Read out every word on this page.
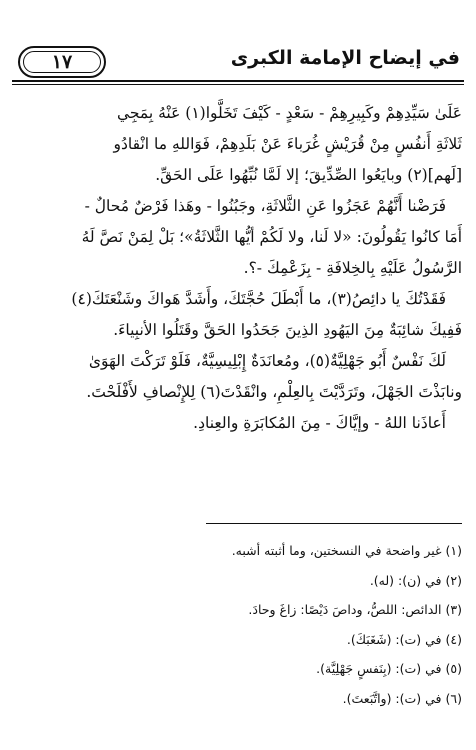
١٧	في إيضاح الإمامة الكبرى

عَلَىٰ سَيِّدِهِمْ وكَبِيرِهِمْ - سَعْدٍ - كَيْفَ تَخَلَّوا(١) عَنْهُ بِمَجِي

ثَلاثَةِ أَنفُسٍ مِنْ قُرَيْشٍ غُرَباءَ عَنْ بَلَدِهِمْ، فَوَاللهِ ما انْقادُو

[لَهم](٢) وبايَعُوا الصِّدِّيقَ؛ إلا لَمَّا نُبِّهُوا عَلَى الحَقِّ.

فَرَضْنا أَنَّهُمْ عَجَزُوا عَنِ الثَّلاثَةِ، وجَبُنُوا - وهَذا فَرْضٌ مُحالٌ -

أَمَا كانُوا يَقُولُونَ: «لا لَنا، ولا لَكُمْ أيُّها الثَّلاثَةُ»؛ بَلْ لِمَنْ نَصَّ لَهُ

الرَّسُولُ عَلَيْهِ بِالخِلافَةِ - بِزَعْمِكَ -؟.

فَقَدْتُكَ يا دائِصُ(٣)، ما أَبْطَلَ حُجَّتَكَ، وأَشَدَّ هَواكَ وشَنْعَتَكَ(٤)

فَفِيكَ شائِبَةٌ مِنَ اليَهُودِ الذِينَ جَحَدُوا الحَقَّ وقَتَلُوا الأنبِياءَ.

لَكَ نَفْسٌ أَبُو جَهْلِيَّةٌ(٥)، ومُعانَدَةٌ إِبْلِيسِيَّةٌ، فَلَوْ تَرَكْتَ الهَوَىٰ

ونابَذْتَ الجَهْلَ، وتَرَدَّيْتَ بِالعِلْمِ، وانْقَدْتَ(٦) لِلإِنْصافِ لأَفْلَحْتَ.

أَعاذَنا اللهُ - وإيَّاكَ - مِنَ المُكابَرَةِ والعِنادِ.

(١) غير واضحة في النسختين، وما أثبته أشبه.
(٢) في (ن): (له).
(٣) الدائص: اللصُّ، وداصَ دَيْصًا: زاغَ وحادَ.
(٤) في (ت): (شَغَبَكَ).
(٥) في (ت): (بِنَفسٍ جَهْلِيَّة).
(٦) في (ت): (واتَّبَعتَ).
